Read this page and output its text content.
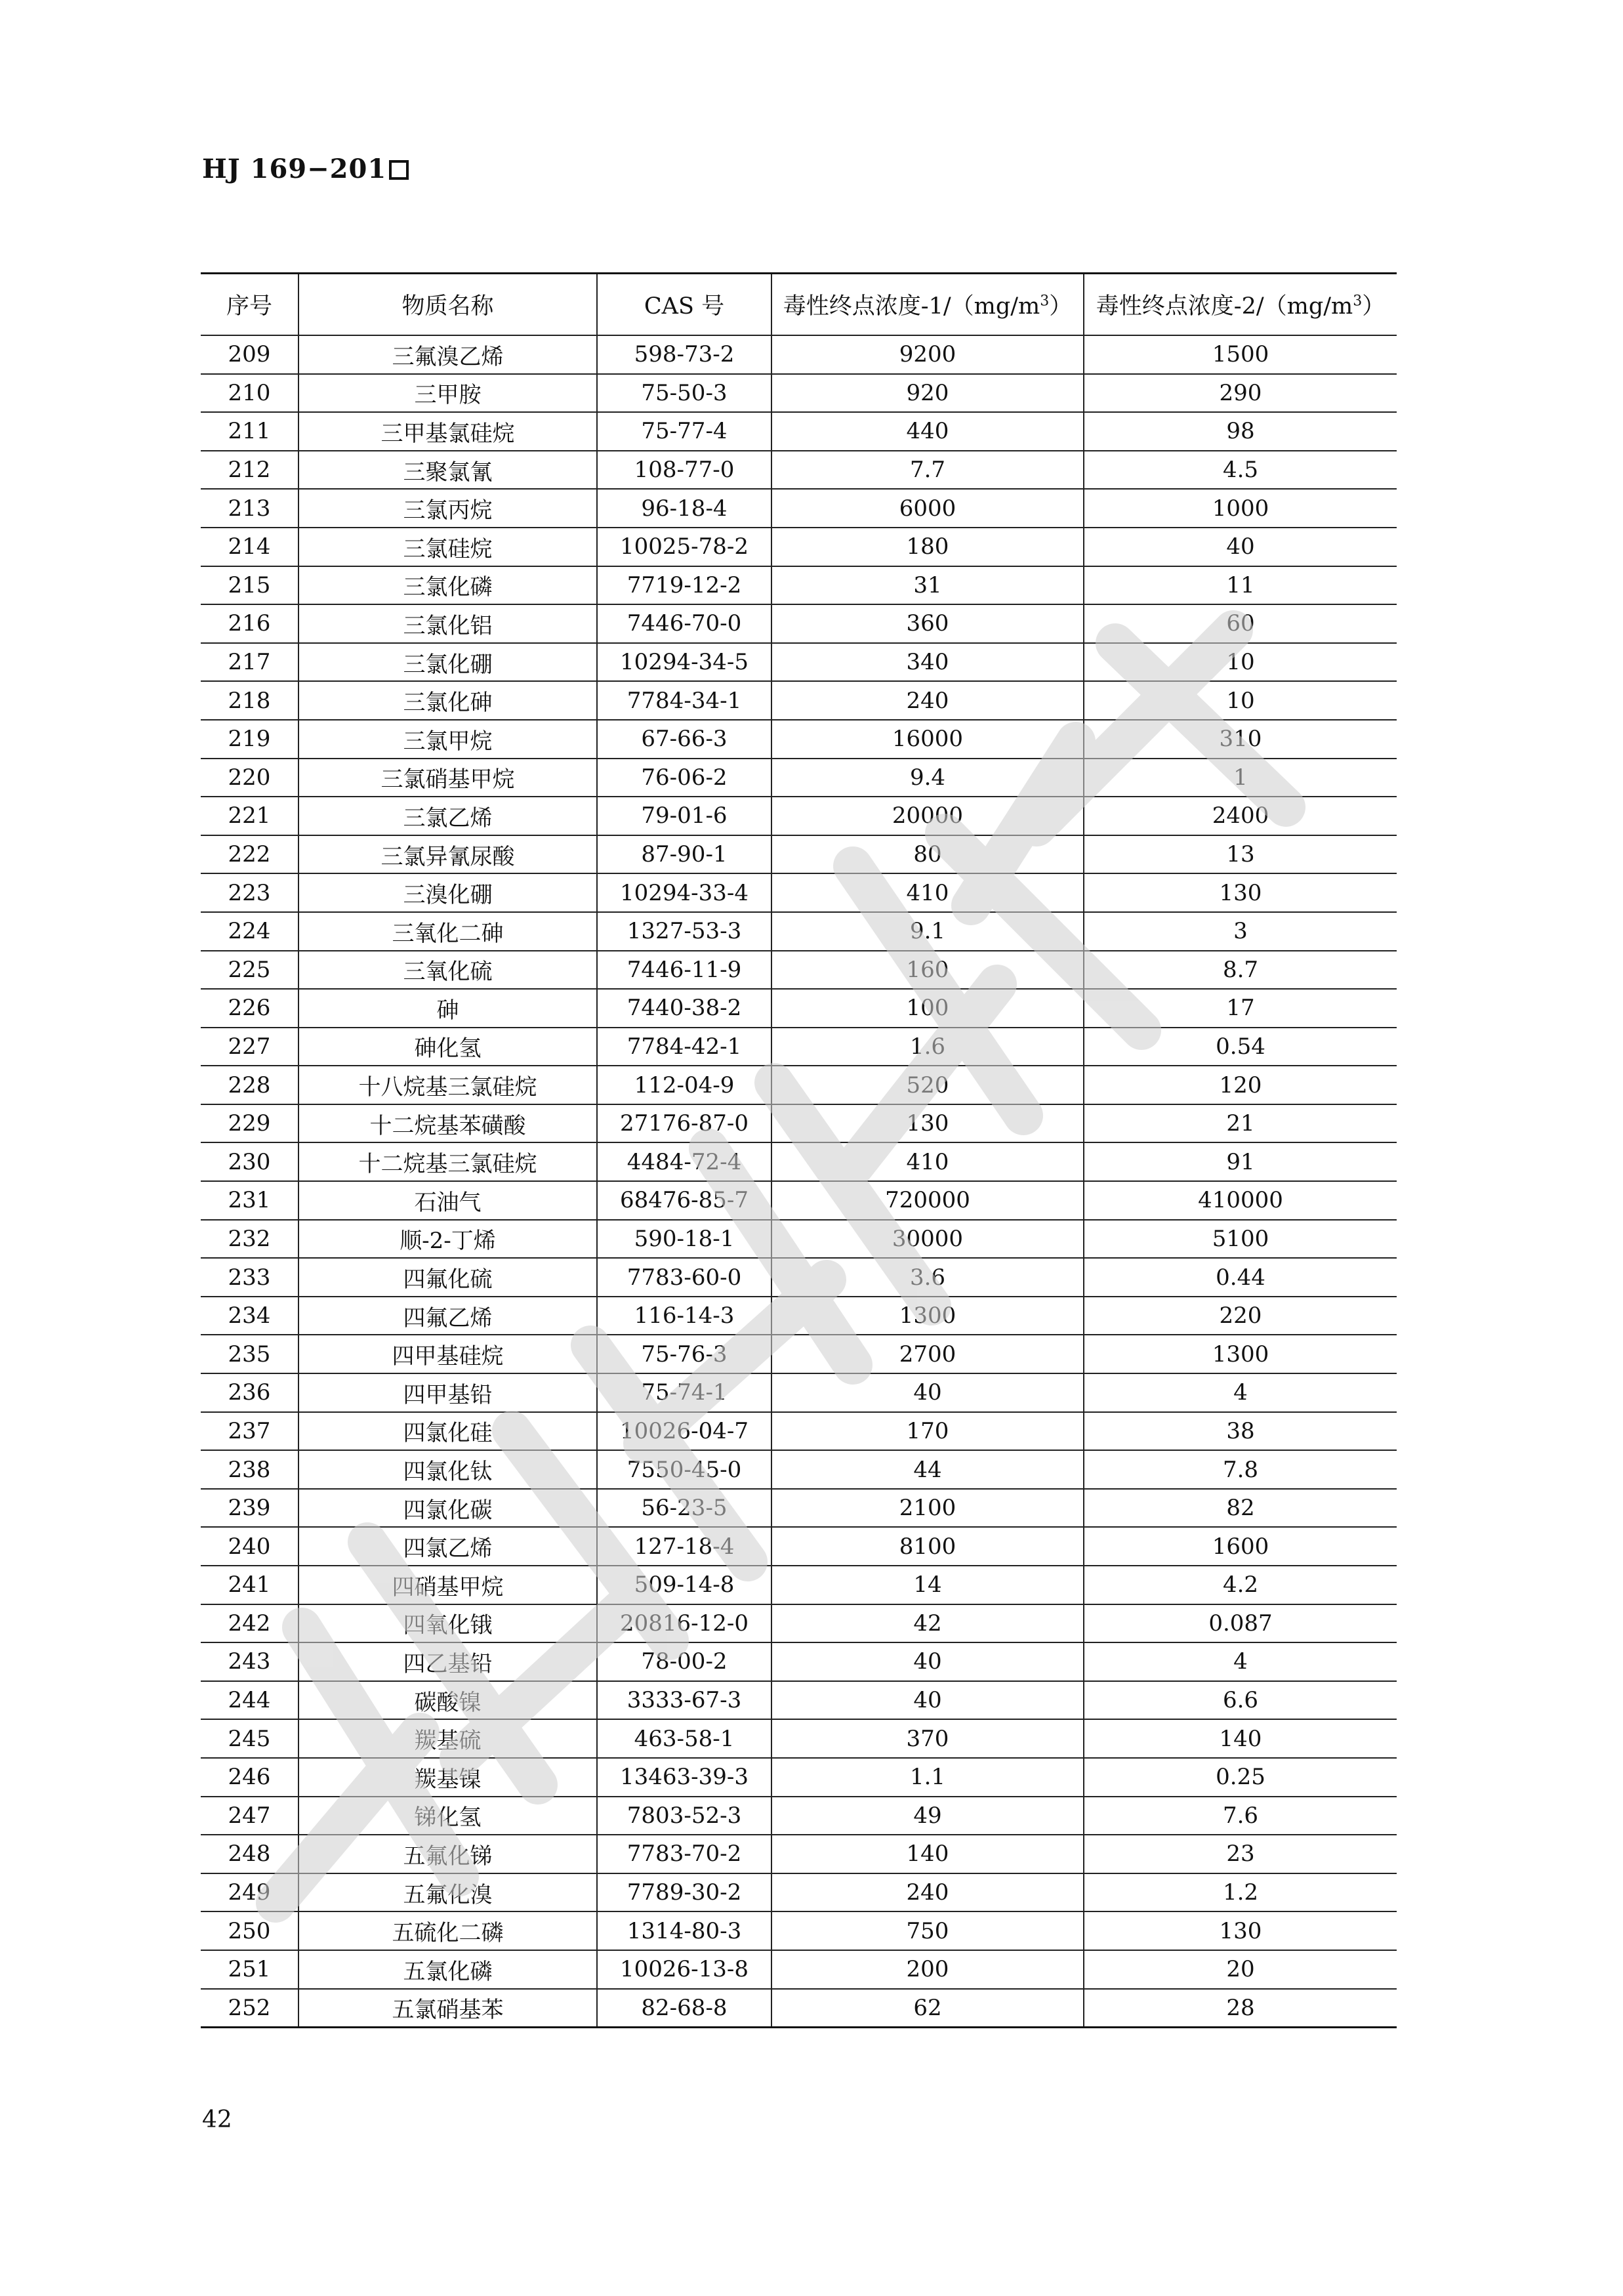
HJ 169−201
序号	物质名称	CAS 号	毒性终点浓度$-1/(mg/m^3)$	毒性终点浓度$-2/(mg/m^3)$
209	三氟溴乙烯	598-73-2	9200	1500
210	三甲胺	75-50-3	920	290
211	三甲基氯硅烷	75-77-4	440	98
212	三聚氯氰	108-77-0	7.7	4.5
213	三氯丙烷	96-18-4	6000	1000
214	三氯硅烷	10025-78-2	180	40
215	三氯化磷	7719-12-2	31	11
216	三氯化铝	7446-70-0	360	60
217	三氯化硼	10294-34-5	340	10
218	三氯化砷	7784-34-1	240	10
219	三氯甲烷	67-66-3	16000	310
220	三氯硝基甲烷	76-06-2	9.4	1
221	三氯乙烯	79-01-6	20000	2400
222	三氯异氰尿酸	87-90-1	80	13
223	三溴化硼	10294-33-4	410	130
224	三氧化二砷	1327-53-3	9.1	3
225	三氧化硫	7446-11-9	160	8.7
226	砷	7440-38-2	100	17
227	砷化氢	7784-42-1	1.6	0.54
228	十八烷基三氯硅烷	112-04-9	520	120
229	十二烷基苯磺酸	27176-87-0	130	21
230	十二烷基三氯硅烷	4484-72-4	410	91
231	石油气	68476-85-7	720000	410000
232	顺-2-丁烯	590-18-1	30000	5100
233	四氟化硫	7783-60-0	3.6	0.44
234	四氟乙烯	116-14-3	1300	220
235	四甲基硅烷	75-76-3	2700	1300
236	四甲基铅	75-74-1	40	4
237	四氯化硅	10026-04-7	170	38
238	四氯化钛	7550-45-0	44	7.8
239	四氯化碳	56-23-5	2100	82
240	四氯乙烯	127-18-4	8100	1600
241	四硝基甲烷	509-14-8	14	4.2
242	四氧化锇	20816-12-0	42	0.087
243	四乙基铅	78-00-2	40	4
244	碳酸镍	3333-67-3	40	6.6
245	羰基硫	463-58-1	370	140
246	羰基镍	13463-39-3	1.1	0.25
247	锑化氢	7803-52-3	49	7.6
248	五氟化锑	7783-70-2	140	23
249	五氟化溴	7789-30-2	240	1.2
250	五硫化二磷	1314-80-3	750	130
251	五氯化磷	10026-13-8	200	20
252	五氯硝基苯	82-68-8	62	28
42
